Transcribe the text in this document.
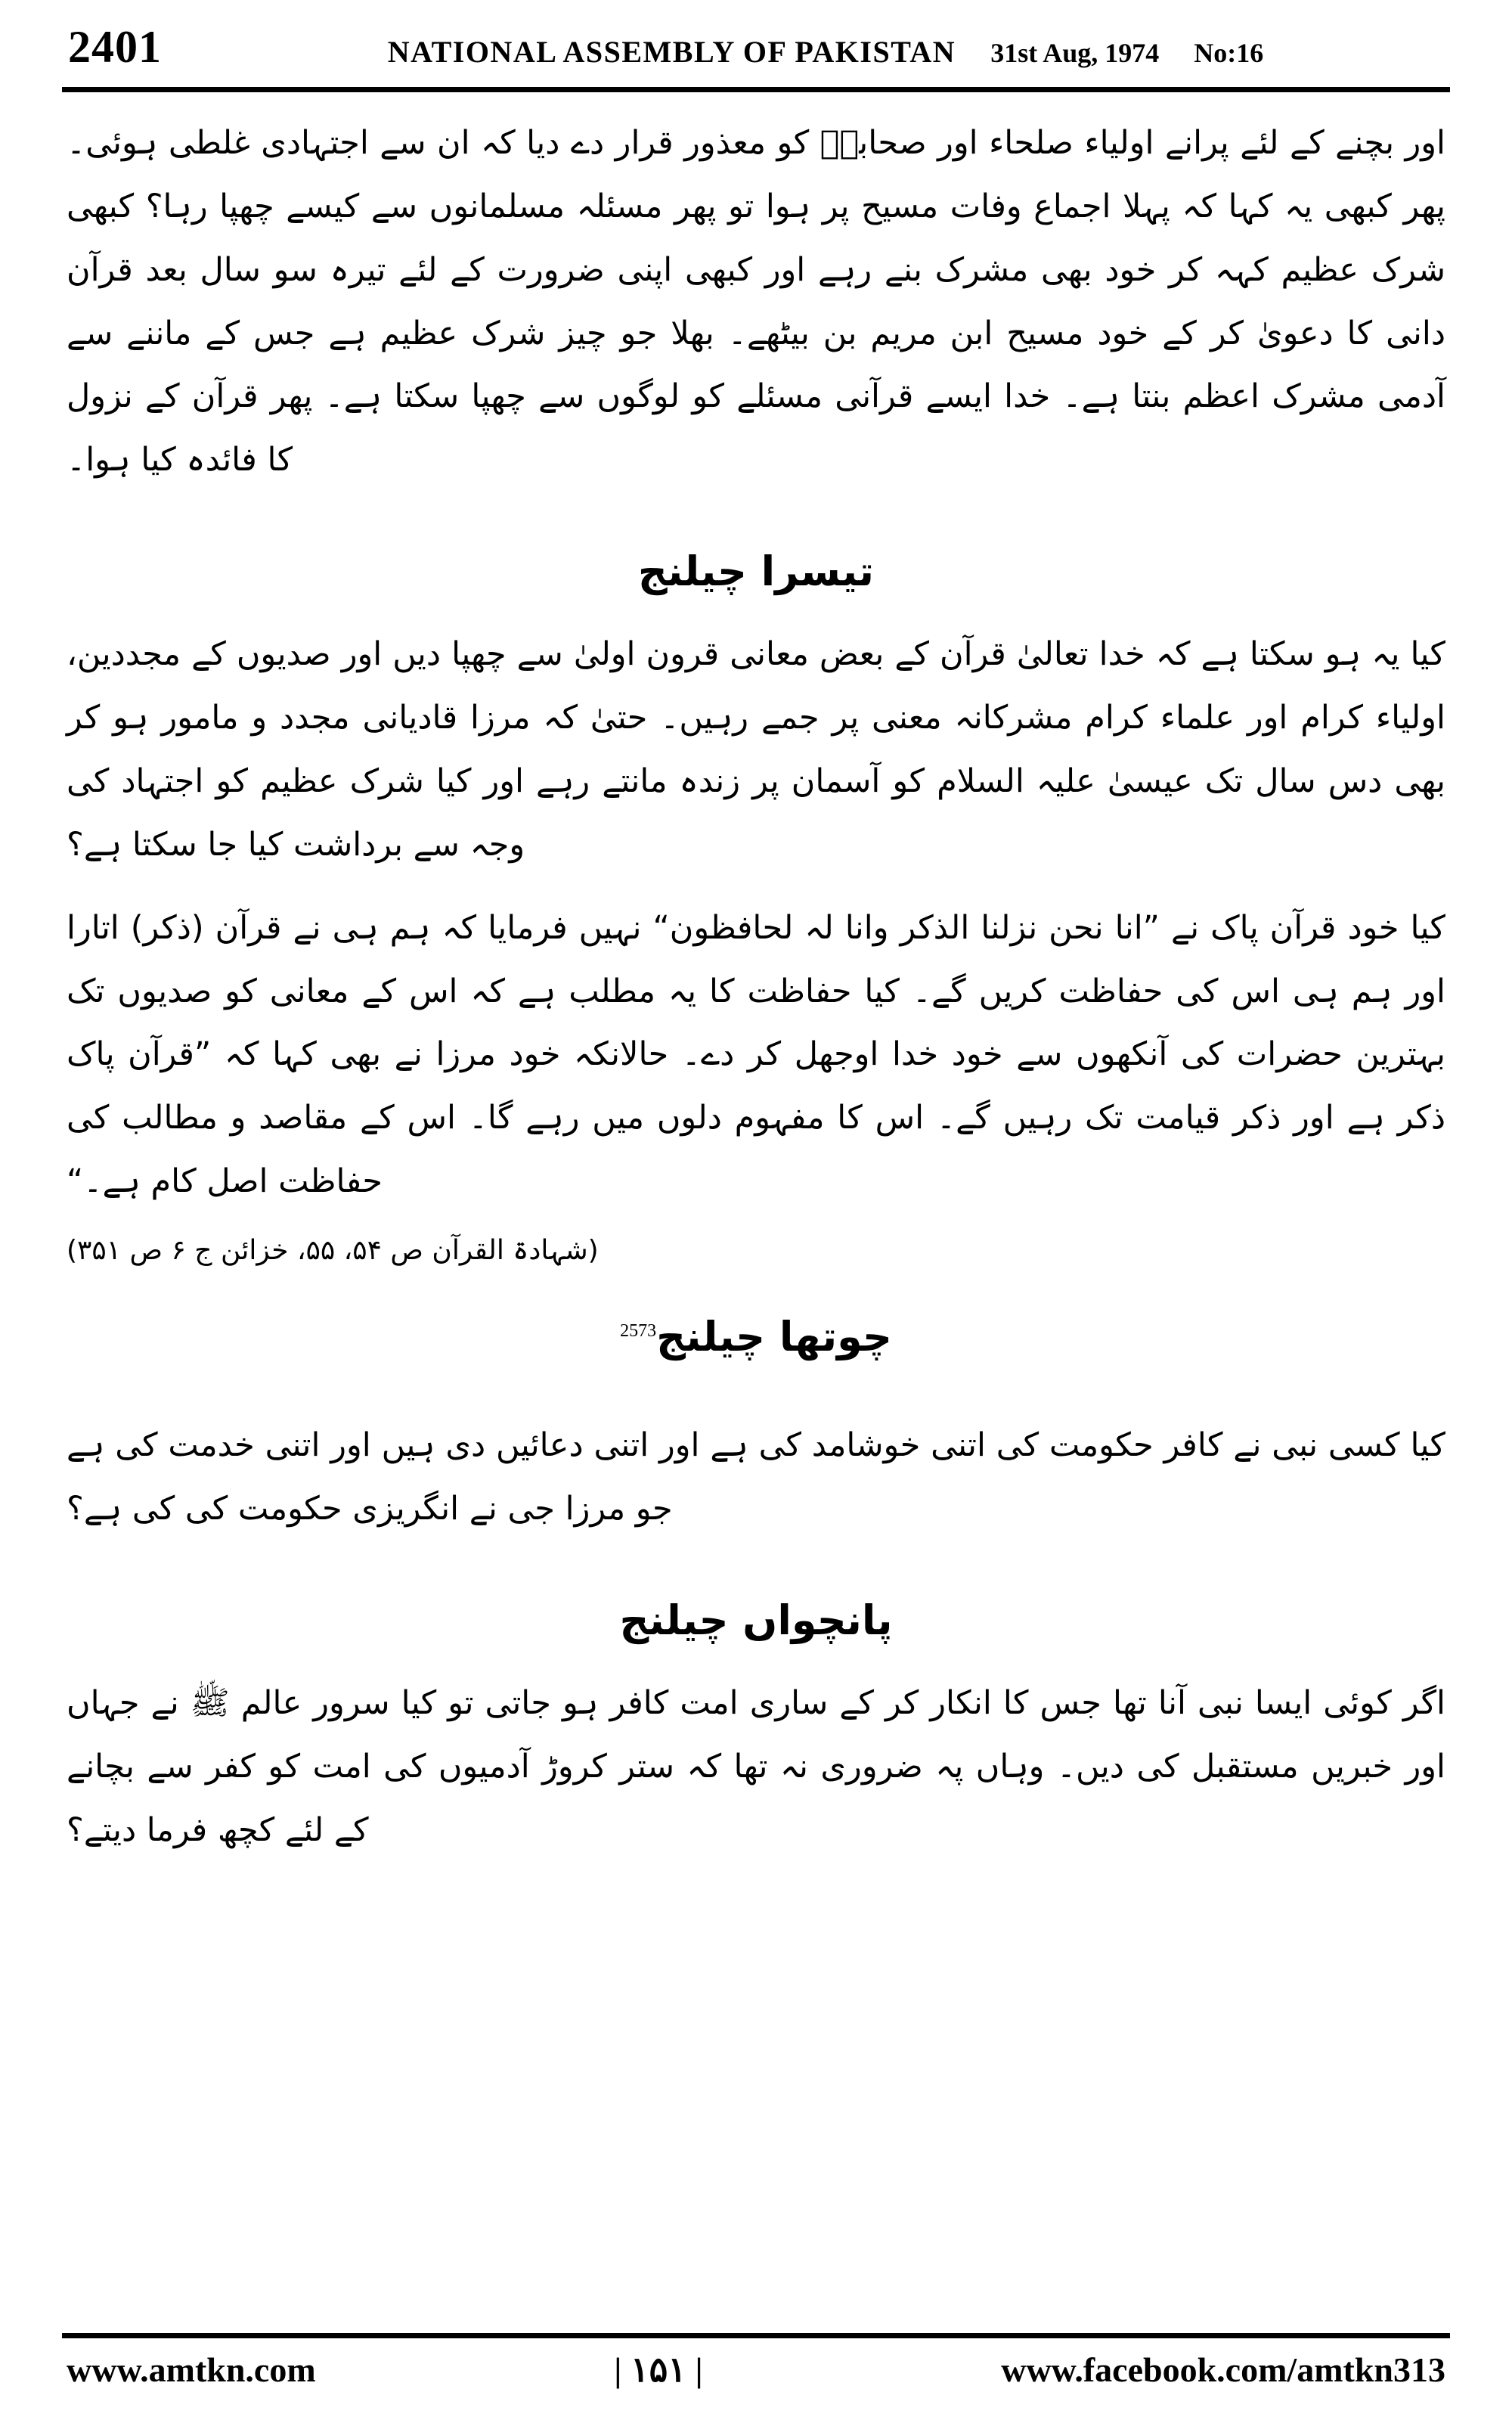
2401	NATIONAL ASSEMBLY OF PAKISTAN 31st Aug, 1974 No:16

اور بچنے کے لئے پرانے اولیاء صلحاء اور صحابہؓ کو معذور قرار دے دیا کہ ان سے اجتہادی غلطی ہوئی۔ پھر کبھی یہ کہا کہ پہلا اجماع وفات مسیح پر ہوا تو پھر مسئلہ مسلمانوں سے کیسے چھپا رہا؟ کبھی شرک عظیم کہہ کر خود بھی مشرک بنے رہے اور کبھی اپنی ضرورت کے لئے تیرہ سو سال بعد قرآن دانی کا دعویٰ کر کے خود مسیح ابن مریم بن بیٹھے۔ بھلا جو چیز شرک عظیم ہے جس کے ماننے سے آدمی مشرک اعظم بنتا ہے۔ خدا ایسے قرآنی مسئلے کو لوگوں سے چھپا سکتا ہے۔ پھر قرآن کے نزول کا فائدہ کیا ہوا۔

تیسرا چیلنج

کیا یہ ہو سکتا ہے کہ خدا تعالیٰ قرآن کے بعض معانی قرون اولیٰ سے چھپا دیں اور صدیوں کے مجددین، اولیاء کرام اور علماء کرام مشرکانہ معنی پر جمے رہیں۔ حتیٰ کہ مرزا قادیانی مجدد و مامور ہو کر بھی دس سال تک عیسیٰ علیہ السلام کو آسمان پر زندہ مانتے رہے اور کیا شرک عظیم کو اجتہاد کی وجہ سے برداشت کیا جا سکتا ہے؟

کیا خود قرآن پاک نے ”انا نحن نزلنا الذکر وانا لہ لحافظون“ نہیں فرمایا کہ ہم ہی نے قرآن (ذکر) اتارا اور ہم ہی اس کی حفاظت کریں گے۔ کیا حفاظت کا یہ مطلب ہے کہ اس کے معانی کو صدیوں تک بہترین حضرات کی آنکھوں سے خود خدا اوجھل کر دے۔ حالانکہ خود مرزا نے بھی کہا کہ ”قرآن پاک ذکر ہے اور ذکر قیامت تک رہیں گے۔ اس کا مفہوم دلوں میں رہے گا۔ اس کے مقاصد و مطالب کی حفاظت اصل کام ہے۔“

(شہادۃ القرآن ص ۵۴، ۵۵، خزائن ج ۶ ص ۳۵۱)

چوتھا چیلنج$^{2573}$

کیا کسی نبی نے کافر حکومت کی اتنی خوشامد کی ہے اور اتنی دعائیں دی ہیں اور اتنی خدمت کی ہے جو مرزا جی نے انگریزی حکومت کی کی ہے؟

پانچواں چیلنج

اگر کوئی ایسا نبی آنا تھا جس کا انکار کر کے ساری امت کافر ہو جاتی تو کیا سرور عالم ﷺ نے جہاں اور خبریں مستقبل کی دیں۔ وہاں پہ ضروری نہ تھا کہ ستر کروڑ آدمیوں کی امت کو کفر سے بچانے کے لئے کچھ فرما دیتے؟

www.amtkn.com	| ۱۵۱ |	www.facebook.com/amtkn313
